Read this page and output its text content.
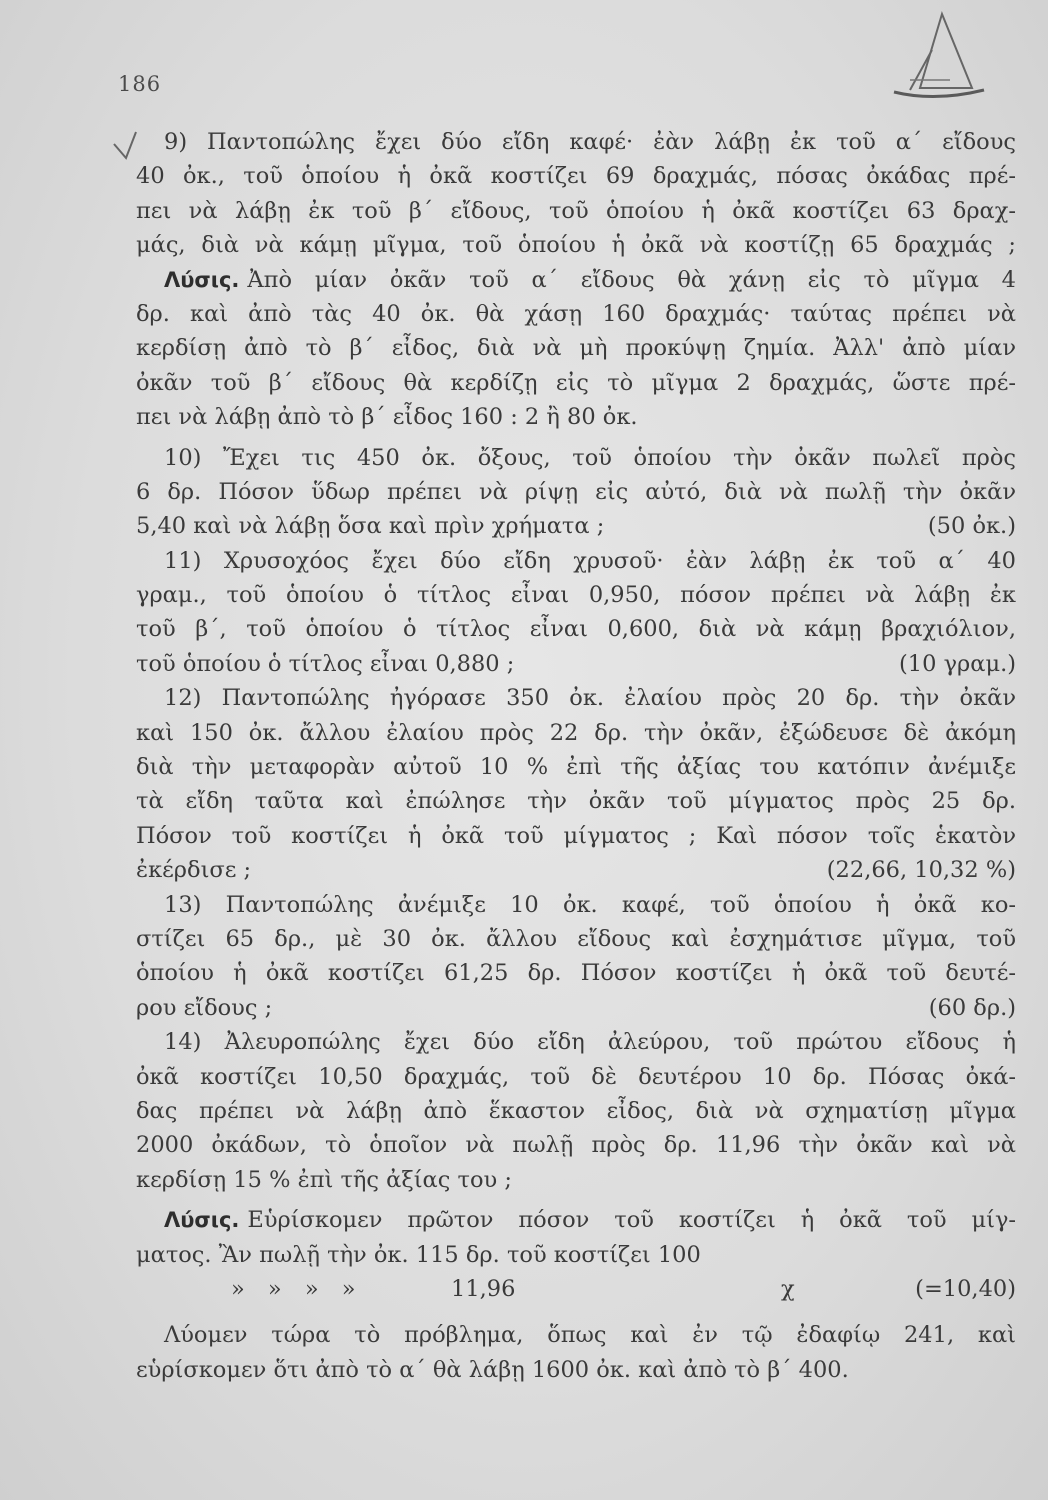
186
9) Παντοπώλης ἔχει δύο εἴδη καφέ· ἐὰν λάβῃ ἐκ τοῦ α΄ εἴδους
40 ὀκ., τοῦ ὁποίου ἡ ὀκᾶ κοστίζει 69 δραχμάς, πόσας ὀκάδας πρέ-
πει νὰ λάβῃ ἐκ τοῦ β΄ εἴδους, τοῦ ὁποίου ἡ ὀκᾶ κοστίζει 63 δραχ-
μάς, διὰ νὰ κάμῃ μῖγμα, τοῦ ὁποίου ἡ ὀκᾶ νὰ κοστίζῃ 65 δραχμάς ;
Λύσις. Ἀπὸ μίαν ὀκᾶν τοῦ α΄ εἴδους θὰ χάνῃ εἰς τὸ μῖγμα 4
δρ. καὶ ἀπὸ τὰς 40 ὀκ. θὰ χάσῃ 160 δραχμάς· ταύτας πρέπει νὰ
κερδίσῃ ἀπὸ τὸ β΄ εἶδος, διὰ νὰ μὴ προκύψῃ ζημία. Ἀλλ' ἀπὸ μίαν
ὀκᾶν τοῦ β΄ εἴδους θὰ κερδίζῃ εἰς τὸ μῖγμα 2 δραχμάς, ὥστε πρέ-
πει νὰ λάβῃ ἀπὸ τὸ β΄ εἶδος 160 : 2 ἢ 80 ὀκ.
10) Ἔχει τις 450 ὀκ. ὄξους, τοῦ ὁποίου τὴν ὀκᾶν πωλεῖ πρὸς
6 δρ. Πόσον ὕδωρ πρέπει νὰ ρίψῃ εἰς αὐτό, διὰ νὰ πωλῇ τὴν ὀκᾶν
5,40 καὶ νὰ λάβῃ ὅσα καὶ πρὶν χρήματα ;	(50 ὀκ.)
11) Χρυσοχόος ἔχει δύο εἴδη χρυσοῦ· ἐὰν λάβῃ ἐκ τοῦ α΄ 40
γραμ., τοῦ ὁποίου ὁ τίτλος εἶναι 0,950, πόσον πρέπει νὰ λάβῃ ἐκ
τοῦ β΄, τοῦ ὁποίου ὁ τίτλος εἶναι 0,600, διὰ νὰ κάμῃ βραχιόλιον,
τοῦ ὁποίου ὁ τίτλος εἶναι 0,880 ;	(10 γραμ.)
12) Παντοπώλης ἠγόρασε 350 ὀκ. ἐλαίου πρὸς 20 δρ. τὴν ὀκᾶν
καὶ 150 ὀκ. ἄλλου ἐλαίου πρὸς 22 δρ. τὴν ὀκᾶν, ἐξώδευσε δὲ ἀκόμη
διὰ τὴν μεταφορὰν αὐτοῦ 10 % ἐπὶ τῆς ἀξίας του κατόπιν ἀνέμιξε
τὰ εἴδη ταῦτα καὶ ἐπώλησε τὴν ὀκᾶν τοῦ μίγματος πρὸς 25 δρ.
Πόσον τοῦ κοστίζει ἡ ὀκᾶ τοῦ μίγματος ; Καὶ πόσον τοῖς ἑκατὸν
ἐκέρδισε ;	(22,66, 10,32 %)
13) Παντοπώλης ἀνέμιξε 10 ὀκ. καφέ, τοῦ ὁποίου ἡ ὀκᾶ κο-
στίζει 65 δρ., μὲ 30 ὀκ. ἄλλου εἴδους καὶ ἐσχημάτισε μῖγμα, τοῦ
ὁποίου ἡ ὀκᾶ κοστίζει 61,25 δρ. Πόσον κοστίζει ἡ ὀκᾶ τοῦ δευτέ-
ρου εἴδους ;	(60 δρ.)
14) Ἀλευροπώλης ἔχει δύο εἴδη ἀλεύρου, τοῦ πρώτου εἴδους ἡ
ὀκᾶ κοστίζει 10,50 δραχμάς, τοῦ δὲ δευτέρου 10 δρ. Πόσας ὀκά-
δας πρέπει νὰ λάβῃ ἀπὸ ἕκαστον εἶδος, διὰ νὰ σχηματίσῃ μῖγμα
2000 ὀκάδων, τὸ ὁποῖον νὰ πωλῇ πρὸς δρ. 11,96 τὴν ὀκᾶν καὶ νὰ
κερδίσῃ 15 % ἐπὶ τῆς ἀξίας του ;
Λύσις. Εὑρίσκομεν πρῶτον πόσον τοῦ κοστίζει ἡ ὀκᾶ τοῦ μίγ-
ματος. Ἂν πωλῇ τὴν ὀκ. 115 δρ. τοῦ κοστίζει 100
» » » »	11,96	χ	(=10,40)
Λύομεν τώρα τὸ πρόβλημα, ὅπως καὶ ἐν τῷ ἐδαφίῳ 241, καὶ
εὑρίσκομεν ὅτι ἀπὸ τὸ α΄ θὰ λάβῃ 1600 ὀκ. καὶ ἀπὸ τὸ β΄ 400.
